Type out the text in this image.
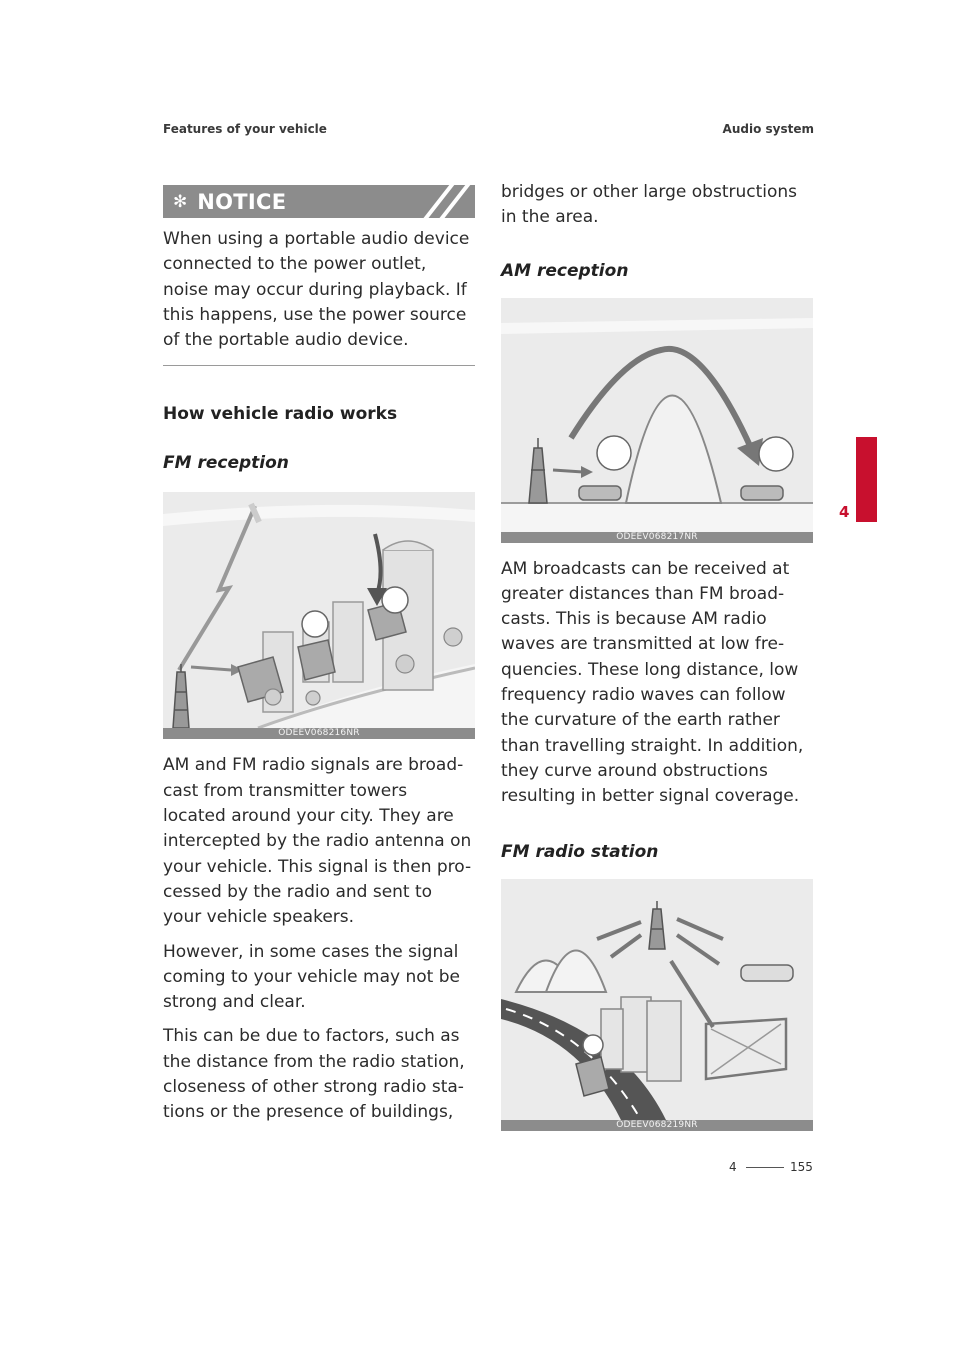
Features of your vehicle	Audio system
✻ NOTICE

When using a portable audio device connected to the power outlet, noise may occur during playback. If this happens, use the power source of the portable audio device.

How vehicle radio works
FM reception
ODEEV068216NR

AM and FM radio signals are broad-cast from transmitter towers located around your city. They are intercepted by the radio antenna on your vehicle. This signal is then pro-cessed by the radio and sent to your vehicle speakers.

However, in some cases the signal coming to your vehicle may not be strong and clear.

This can be due to factors, such as the distance from the radio station, closeness of other strong radio sta-tions or the presence of buildings,

bridges or other large obstructions in the area.

AM reception
ODEEV068217NR

AM broadcasts can be received at greater distances than FM broad-casts. This is because AM radio waves are transmitted at low fre-quencies. These long distance, low frequency radio waves can follow the curvature of the earth rather than travelling straight. In addition, they curve around obstructions resulting in better signal coverage.

FM radio station
ODEEV068219NR
4
4	155
